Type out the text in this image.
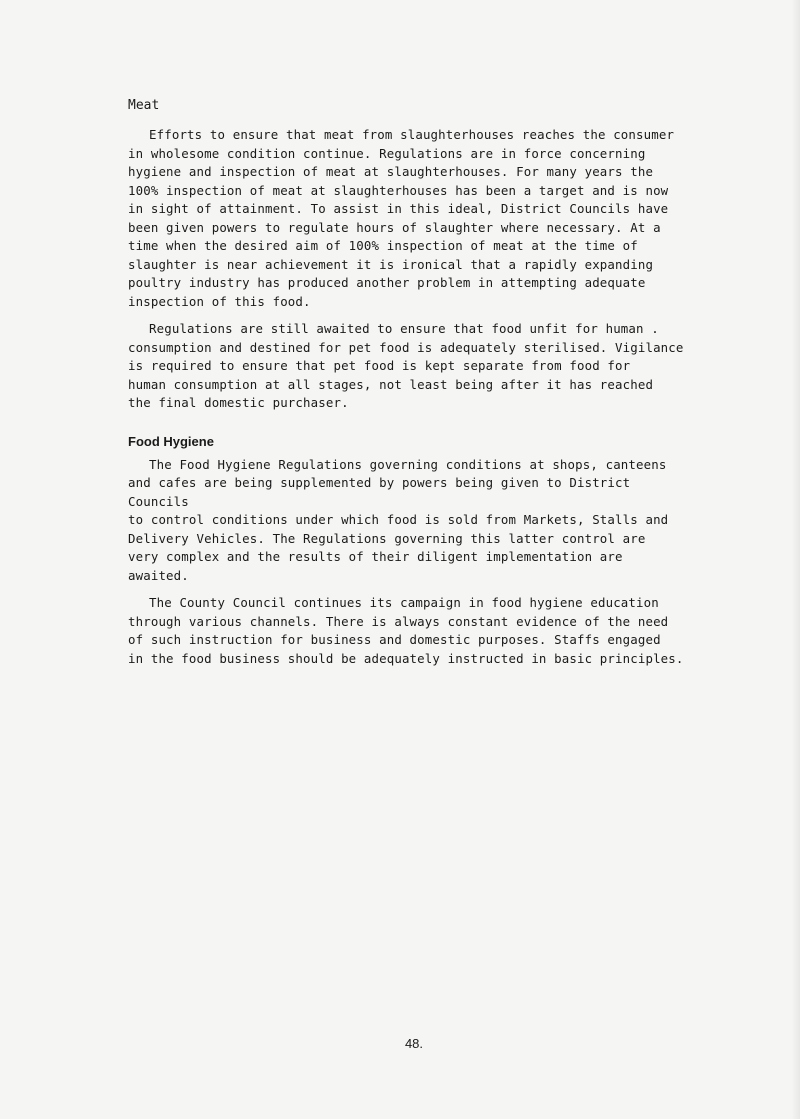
Meat

Efforts to ensure that meat from slaughterhouses reaches the consumer
in wholesome condition continue. Regulations are in force concerning
hygiene and inspection of meat at slaughterhouses. For many years the
100% inspection of meat at slaughterhouses has been a target and is now
in sight of attainment. To assist in this ideal, District Councils have
been given powers to regulate hours of slaughter where necessary. At a
time when the desired aim of 100% inspection of meat at the time of
slaughter is near achievement it is ironical that a rapidly expanding
poultry industry has produced another problem in attempting adequate
inspection of this food.

Regulations are still awaited to ensure that food unfit for human .
consumption and destined for pet food is adequately sterilised. Vigilance
is required to ensure that pet food is kept separate from food for
human consumption at all stages, not least being after it has reached
the final domestic purchaser.

Food Hygiene

The Food Hygiene Regulations governing conditions at shops, canteens
and cafes are being supplemented by powers being given to District Councils
to control conditions under which food is sold from Markets, Stalls and
Delivery Vehicles. The Regulations governing this latter control are
very complex and the results of their diligent implementation are awaited.

The County Council continues its campaign in food hygiene education
through various channels. There is always constant evidence of the need
of such instruction for business and domestic purposes. Staffs engaged
in the food business should be adequately instructed in basic principles.

48.
